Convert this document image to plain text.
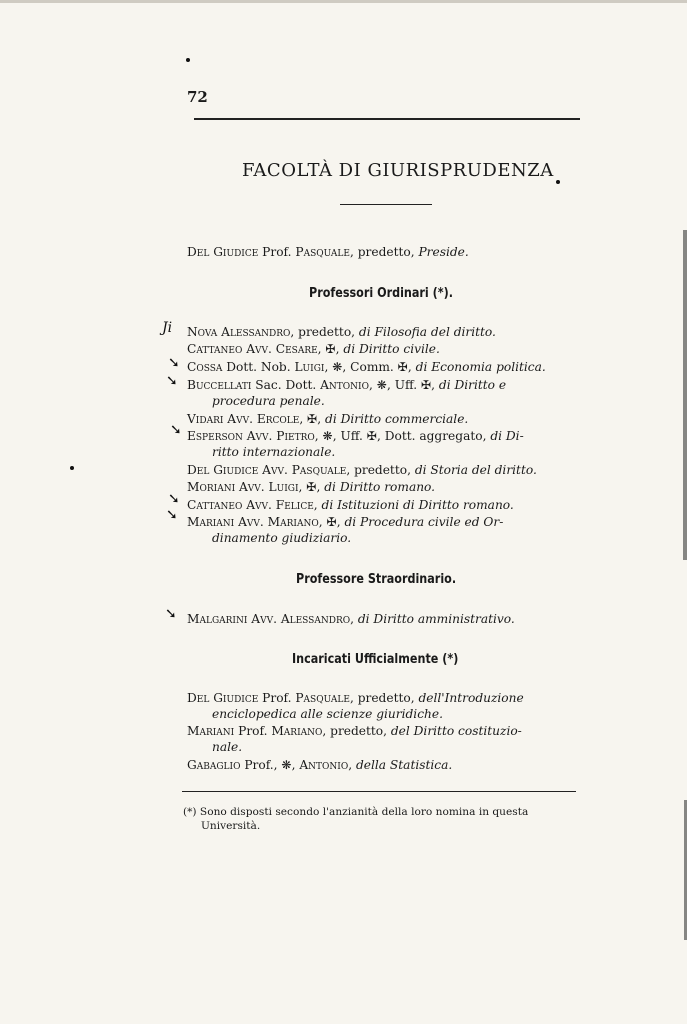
72
FACOLTÀ DI GIURISPRUDENZA
Del Giudice Prof. Pasquale, predetto, Preside.
Professori Ordinari (*).
Ji
➘
➘
➘
➘
➘
➘
Nova Alessandro, predetto, di Filosofia del diritto.
Cattaneo Avv. Cesare, ✠, di Diritto civile.
Cossa Dott. Nob. Luigi, ❋, Comm. ✠, di Economia politica.
Buccellati Sac. Dott. Antonio, ❋, Uff. ✠, di Diritto e
procedura penale.
Vidari Avv. Ercole, ✠, di Diritto commerciale.
Esperson Avv. Pietro, ❋, Uff. ✠, Dott. aggregato, di Di-
ritto internazionale.
Del Giudice Avv. Pasquale, predetto, di Storia del diritto.
Moriani Avv. Luigi, ✠, di Diritto romano.
Cattaneo Avv. Felice, di Istituzioni di Diritto romano.
Mariani Avv. Mariano, ✠, di Procedura civile ed Or-
dinamento giudiziario.
Professore Straordinario.
Malgarini Avv. Alessandro, di Diritto amministrativo.
Incaricati Ufficialmente (*)
Del Giudice Prof. Pasquale, predetto, dell'Introduzione
enciclopedica alle scienze giuridiche.
Mariani Prof. Mariano, predetto, del Diritto costituzio-
nale.
Gabaglio Prof., ❋, Antonio, della Statistica.
(*) Sono disposti secondo l'anzianità della loro nomina in questa
Università.
